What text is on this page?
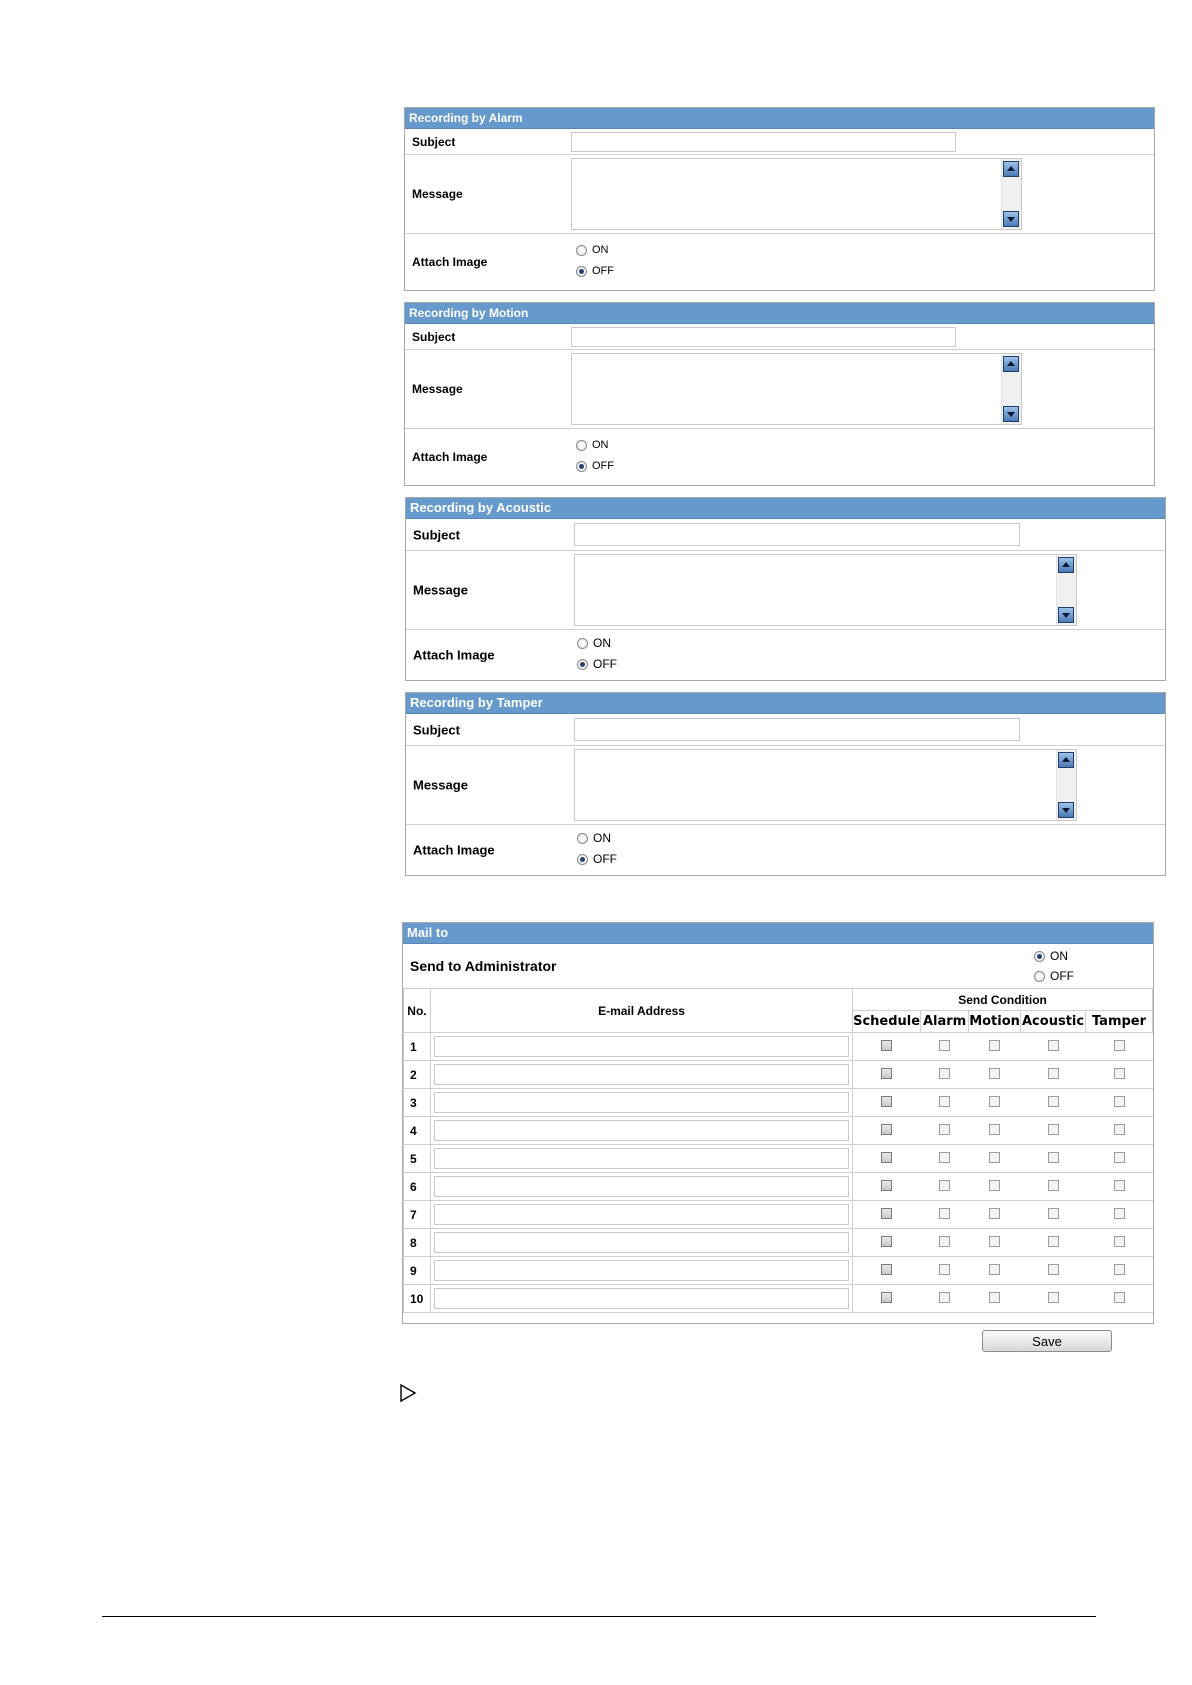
Recording by Alarm
Subject
Message
Attach Image
ON
OFF
Recording by Motion
Subject
Message
Attach Image
ON
OFF
Recording by Acoustic
Subject
Message
Attach Image
ON
OFF
Recording by Tamper
Subject
Message
Attach Image
ON
OFF
Mail to
Send to Administrator
ON
OFF
No.	E-mail Address	Send Condition				
		Schedule	Alarm	Motion	Acoustic	Tamper
1						
2						
3						
4						
5						
6						
7						
8						
9						
10						
Save
